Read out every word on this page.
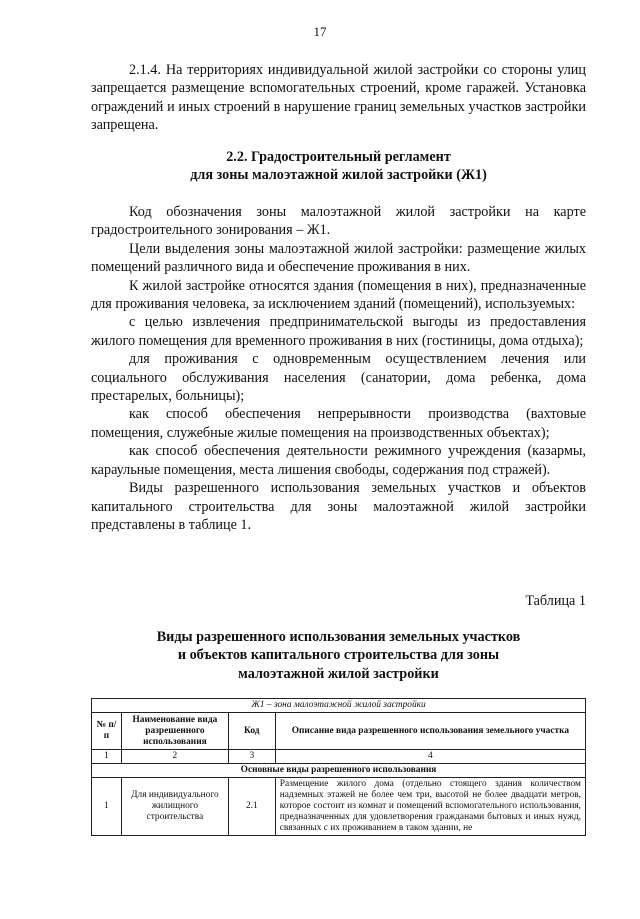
17

2.1.4. На территориях индивидуальной жилой застройки со стороны улиц запрещается размещение вспомогательных строений, кроме гаражей. Установка ограждений и иных строений в нарушение границ земельных участков застройки запрещена.

2.2. Градостроительный регламент
для зоны малоэтажной жилой застройки (Ж1)

Код обозначения зоны малоэтажной жилой застройки на карте градостроительного зонирования – Ж1.

Цели выделения зоны малоэтажной жилой застройки: размещение жилых помещений различного вида и обеспечение проживания в них.

К жилой застройке относятся здания (помещения в них), предназначенные для проживания человека, за исключением зданий (помещений), используемых:

с целью извлечения предпринимательской выгоды из предоставления жилого помещения для временного проживания в них (гостиницы, дома отдыха);

для проживания с одновременным осуществлением лечения или социального обслуживания населения (санатории, дома ребенка, дома престарелых, больницы);

как способ обеспечения непрерывности производства (вахтовые помещения, служебные жилые помещения на производственных объектах);

как способ обеспечения деятельности режимного учреждения (казармы, караульные помещения, места лишения свободы, содержания под стражей).

Виды разрешенного использования земельных участков и объектов капитального строительства для зоны малоэтажной жилой застройки представлены в таблице 1.

Таблица 1
Виды разрешенного использования земельных участков
и объектов капитального строительства для зоны
малоэтажной жилой застройки
Ж1 – зона малоэтажной жилой застройки			
№ п/п	Наименование вида разрешенного использования	Код	Описание вида разрешенного использования земельного участка
1	2	3	4
Основные виды разрешенного использования			
1	Для индивидуального жилищного строительства	2.1	Размещение жилого дома (отдельно стоящего здания количеством надземных этажей не более чем три, высотой не более двадцати метров, которое состоит из комнат и помещений вспомогательного использования, предназначенных для удовлетворения гражданами бытовых и иных нужд, связанных с их проживанием в таком здании, не
